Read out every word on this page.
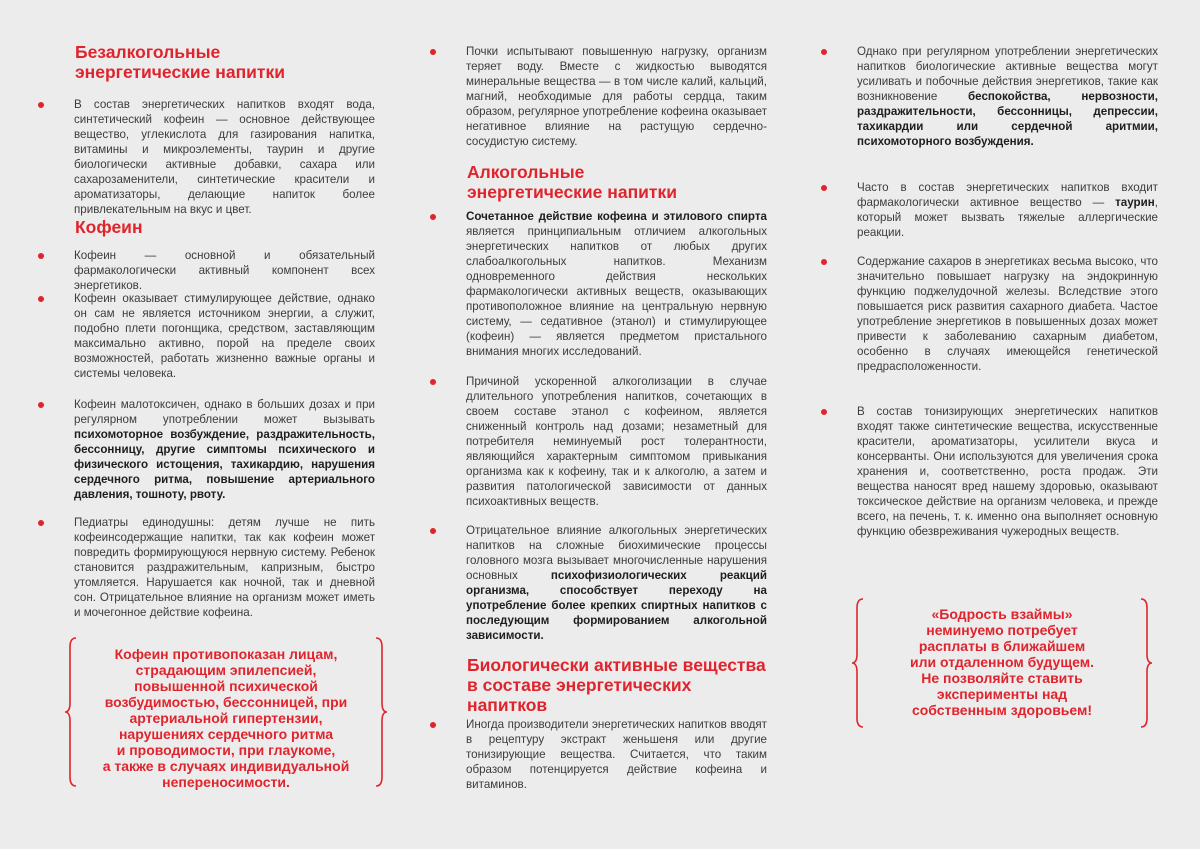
Безалкогольные
энергетические напитки
В состав энергетических напитков входят вода, синтетический кофеин — основное действующее вещество, углекислота для газирования напитка, витамины и микроэлементы, таурин и другие биологически активные добавки, сахара или сахарозаменители, синтетические красители и ароматизаторы, делающие напиток более привлекательным на вкус и цвет.
Кофеин
Кофеин — основной и обязательный фармакологически активный компонент всех энергетиков.
Кофеин оказывает стимулирующее действие, однако он сам не является источником энергии, а служит, подобно плети погонщика, средством, заставляющим максимально активно, порой на пределе своих возможностей, работать жизненно важные органы и системы человека.
Кофеин малотоксичен, однако в больших дозах и при регулярном употреблении может вызывать психомоторное возбуждение, раздражительность, бессонницу, другие симптомы психического и физического истощения, тахикардию, нарушения сердечного ритма, повышение артериального давления, тошноту, рвоту.
Педиатры единодушны: детям лучше не пить кофеинсодержащие напитки, так как кофеин может повредить формирующуюся нервную систему. Ребенок становится раздражительным, капризным, быстро утомляется. Нарушается как ночной, так и дневной сон. Отрицательное влияние на организм может иметь и мочегонное действие кофеина.
Кофеин противопоказан лицам,
страдающим эпилепсией,
повышенной психической
возбудимостью, бессонницей, при
артериальной гипертензии,
нарушениях сердечного ритма
и проводимости, при глаукоме,
а также в случаях индивидуальной
непереносимости.
Почки испытывают повышенную нагрузку, организм теряет воду. Вместе с жидкостью выводятся минеральные вещества — в том числе калий, кальций, магний, необходимые для работы сердца, таким образом, регулярное употребление кофеина оказывает негативное влияние на растущую сердечно-сосудистую систему.
Алкогольные
энергетические напитки
Сочетанное действие кофеина и этилового спирта является принципиальным отличием алкогольных энергетических напитков от любых других слабоалкогольных напитков. Механизм одновременного действия нескольких фармакологически активных веществ, оказывающих противоположное влияние на центральную нервную систему, — седативное (этанол) и стимулирующее (кофеин) — является предметом пристального внимания многих исследований.
Причиной ускоренной алкоголизации в случае длительного употребления напитков, сочетающих в своем составе этанол с кофеином, является сниженный контроль над дозами; незаметный для потребителя неминуемый рост толерантности, являющийся характерным симптомом привыкания организма как к кофеину, так и к алкоголю, а затем и развития патологической зависимости от данных психоактивных веществ.
Отрицательное влияние алкогольных энергетических напитков на сложные биохимические процессы головного мозга вызывает многочисленные нарушения основных психофизиологических реакций организма, способствует переходу на употребление более крепких спиртных напитков с последующим формированием алкогольной зависимости.
Биологически активные вещества
в составе энергетических
напитков
Иногда производители энергетических напитков вводят в рецептуру экстракт женьшеня или другие тонизирующие вещества. Считается, что таким образом потенцируется действие кофеина и витаминов.
Однако при регулярном употреблении энергетических напитков биологические активные вещества могут усиливать и побочные действия энергетиков, такие как возникновение беспокойства, нервозности, раздражительности, бессонницы, депрессии, тахикардии или сердечной аритмии, психомоторного возбуждения.
Часто в состав энергетических напитков входит фармакологически активное вещество — таурин, который может вызвать тяжелые аллергические реакции.
Содержание сахаров в энергетиках весьма высоко, что значительно повышает нагрузку на эндокринную функцию поджелудочной железы. Вследствие этого повышается риск развития сахарного диабета. Частое употребление энергетиков в повышенных дозах может привести к заболеванию сахарным диабетом, особенно в случаях имеющейся генетической предрасположенности.
В состав тонизирующих энергетических напитков входят также синтетические вещества, искусственные красители, ароматизаторы, усилители вкуса и консерванты. Они используются для увеличения срока хранения и, соответственно, роста продаж. Эти вещества наносят вред нашему здоровью, оказывают токсическое действие на организм человека, и прежде всего, на печень, т. к. именно она выполняет основную функцию обезвреживания чужеродных веществ.
«Бодрость взаймы»
неминуемо потребует
расплаты в ближайшем
или отдаленном будущем.
Не позволяйте ставить
эксперименты над
собственным здоровьем!
